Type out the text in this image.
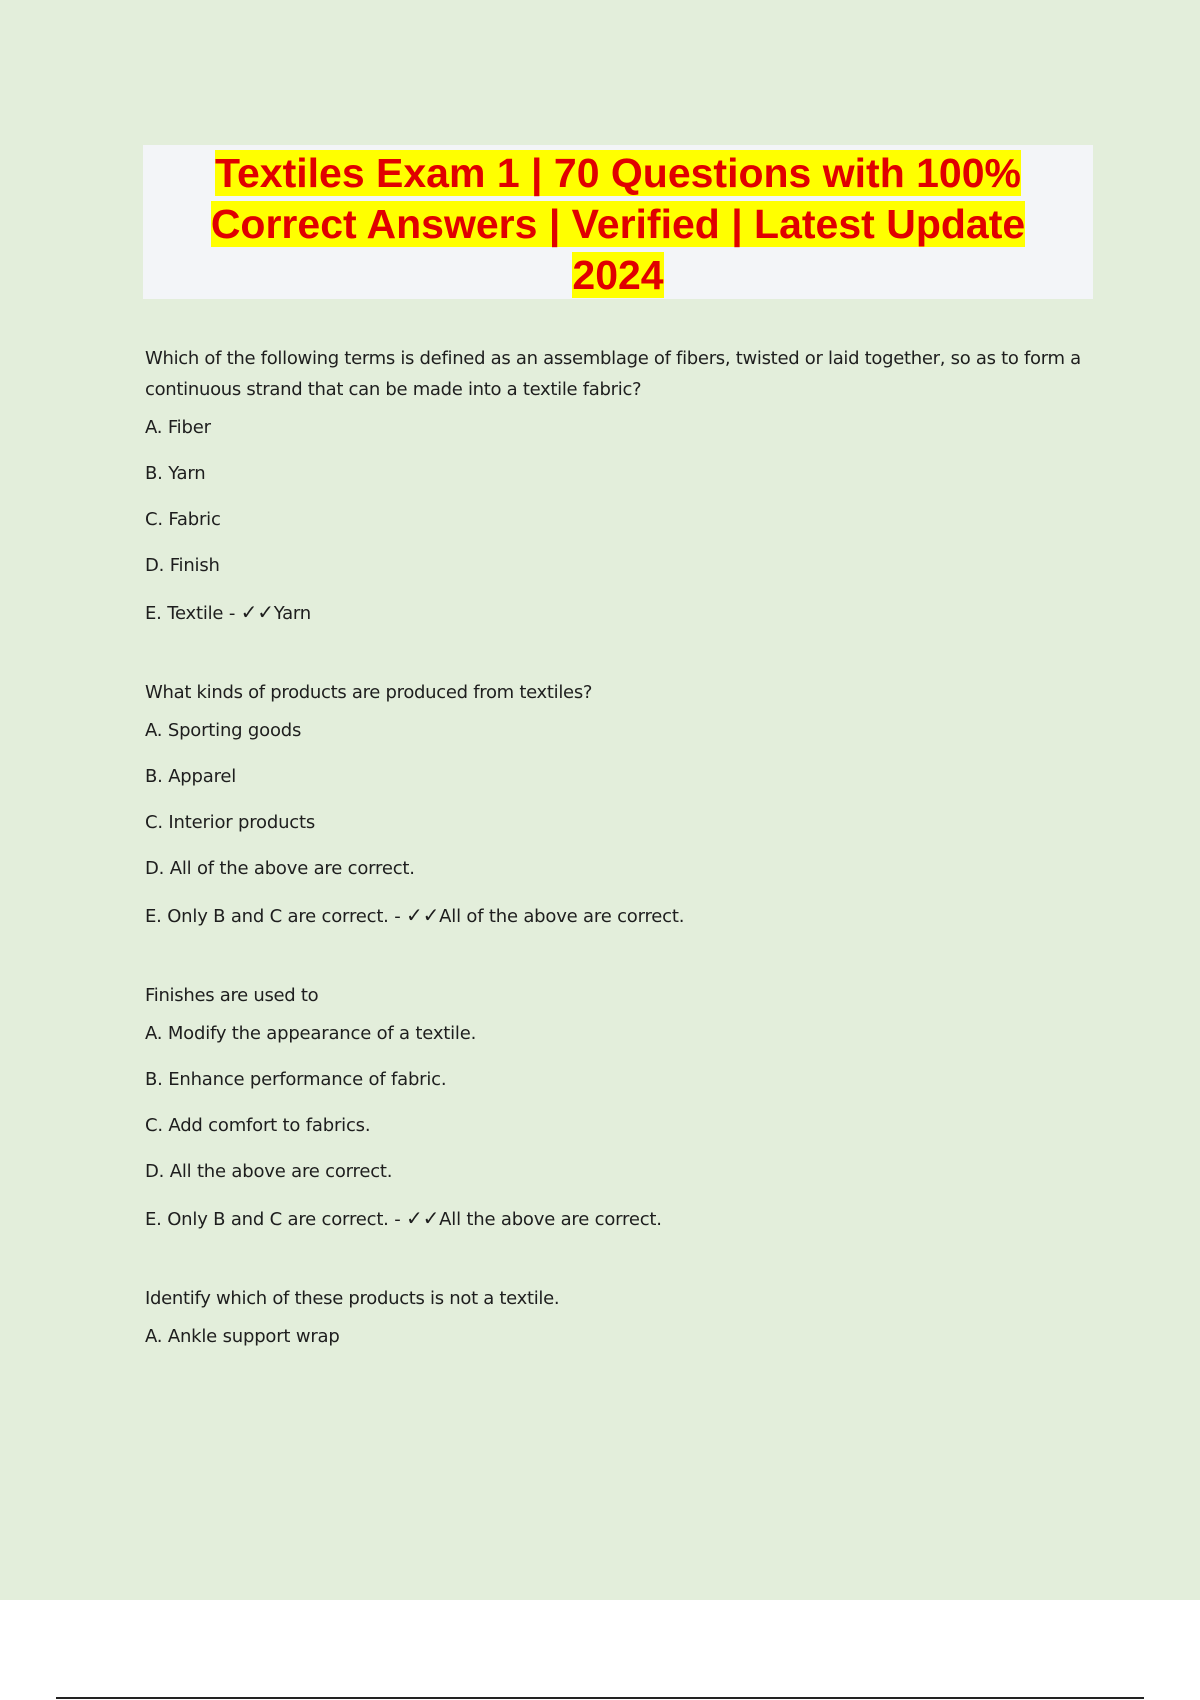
Textiles Exam 1 | 70 Questions with 100% Correct Answers | Verified | Latest Update 2024
Which of the following terms is defined as an assemblage of fibers, twisted or laid together, so as to form a continuous strand that can be made into a textile fabric?
A. Fiber
B. Yarn
C. Fabric
D. Finish
E. Textile - ✓✓Yarn
What kinds of products are produced from textiles?
A. Sporting goods
B. Apparel
C. Interior products
D. All of the above are correct.
E. Only B and C are correct. - ✓✓All of the above are correct.
Finishes are used to
A. Modify the appearance of a textile.
B. Enhance performance of fabric.
C. Add comfort to fabrics.
D. All the above are correct.
E. Only B and C are correct. - ✓✓All the above are correct.
Identify which of these products is not a textile.
A. Ankle support wrap
